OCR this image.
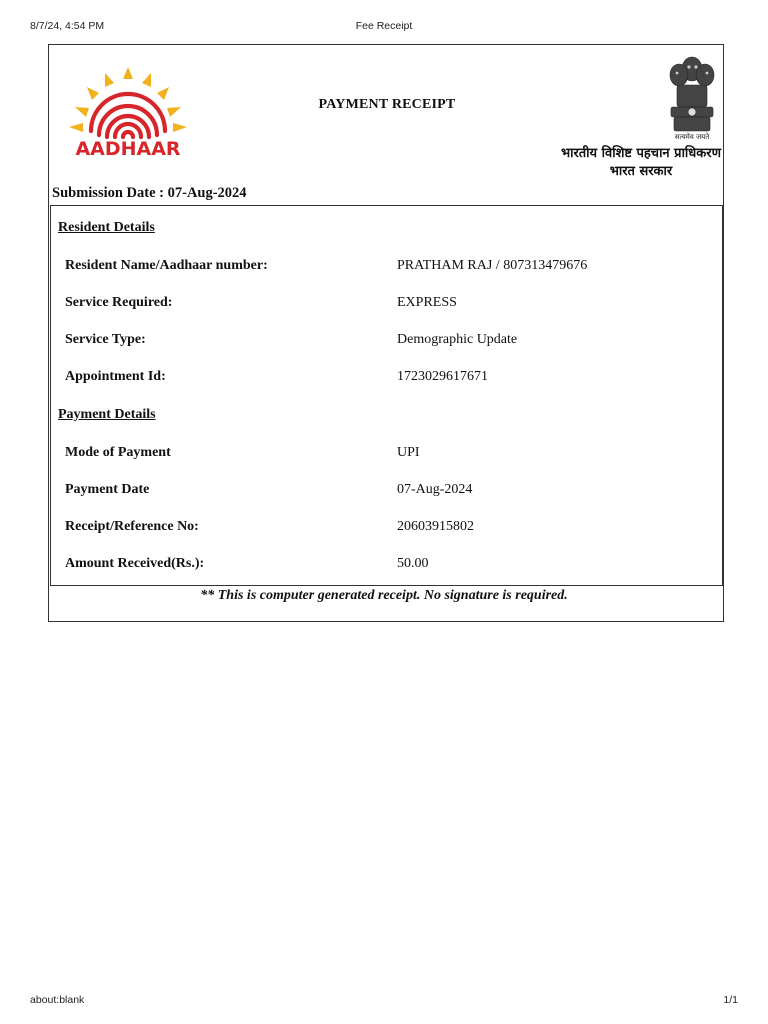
8/7/24, 4:54 PM	Fee Receipt
AADHAAR
PAYMENT RECEIPT
सत्यमेव जयते
भारतीय विशिष्ट पहचान प्राधिकरण
भारत सरकार
Submission Date : 07-Aug-2024
Resident Details
Resident Name/Aadhaar number:	PRATHAM RAJ / 807313479676
Service Required:	EXPRESS
Service Type:	Demographic Update
Appointment Id:	1723029617671
Payment Details
Mode of Payment	UPI
Payment Date	07-Aug-2024
Receipt/Reference No:	20603915802
Amount Received(Rs.):	50.00
** This is computer generated receipt. No signature is required.
about:blank	1/1
